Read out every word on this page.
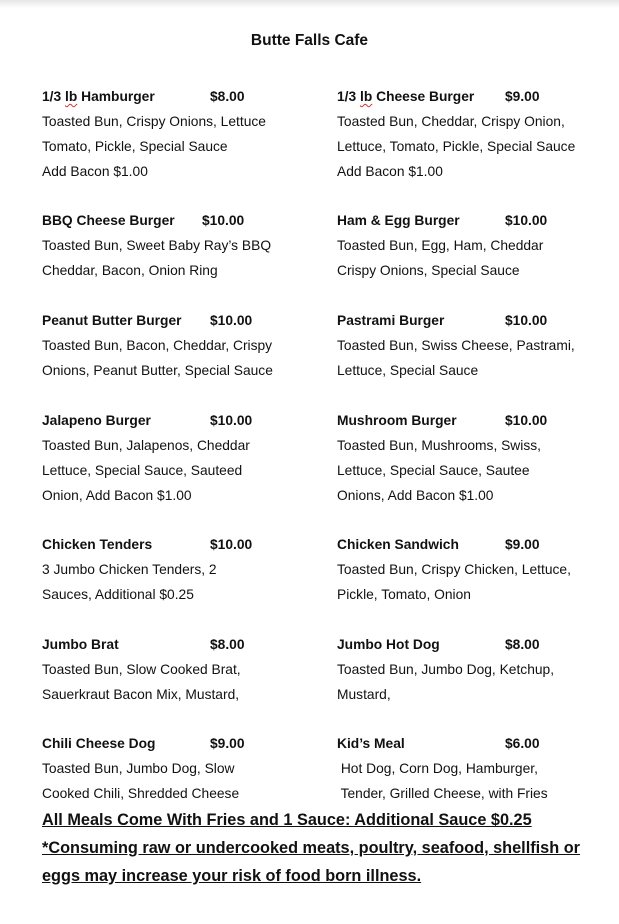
Butte Falls Cafe
1/3 lb Hamburger	$8.00
Toasted Bun, Crispy Onions, Lettuce
Tomato, Pickle, Special Sauce
Add Bacon $1.00
1/3 lb Cheese Burger $9.00
Toasted Bun, Cheddar, Crispy Onion,
Lettuce, Tomato, Pickle, Special Sauce
Add Bacon $1.00
BBQ Cheese Burger $10.00
Toasted Bun, Sweet Baby Ray’s BBQ
Cheddar, Bacon, Onion Ring
Ham & Egg Burger	$10.00
Toasted Bun, Egg, Ham, Cheddar
Crispy Onions, Special Sauce
Peanut Butter Burger $10.00
Toasted Bun, Bacon, Cheddar, Crispy
Onions, Peanut Butter, Special Sauce
Pastrami Burger	$10.00
Toasted Bun, Swiss Cheese, Pastrami,
Lettuce, Special Sauce
Jalapeno Burger	$10.00
Toasted Bun, Jalapenos, Cheddar
Lettuce, Special Sauce, Sauteed
Onion, Add Bacon $1.00
Mushroom Burger	$10.00
Toasted Bun, Mushrooms, Swiss,
Lettuce, Special Sauce, Sautee
Onions, Add Bacon $1.00
Chicken Tenders	$10.00
3 Jumbo Chicken Tenders, 2
Sauces, Additional $0.25
Chicken Sandwich	$9.00
Toasted Bun, Crispy Chicken, Lettuce,
Pickle, Tomato, Onion
Jumbo Brat	$8.00
Toasted Bun, Slow Cooked Brat,
Sauerkraut Bacon Mix, Mustard,
Jumbo Hot Dog	$8.00
Toasted Bun, Jumbo Dog, Ketchup,
Mustard,
Chili Cheese Dog	$9.00
Toasted Bun, Jumbo Dog, Slow
Cooked Chili, Shredded Cheese
Kid’s Meal	$6.00
Hot Dog, Corn Dog, Hamburger,
Tender, Grilled Cheese, with Fries
All Meals Come With Fries and 1 Sauce: Additional Sauce $0.25
*Consuming raw or undercooked meats, poultry, seafood, shellfish or
eggs may increase your risk of food born illness.
